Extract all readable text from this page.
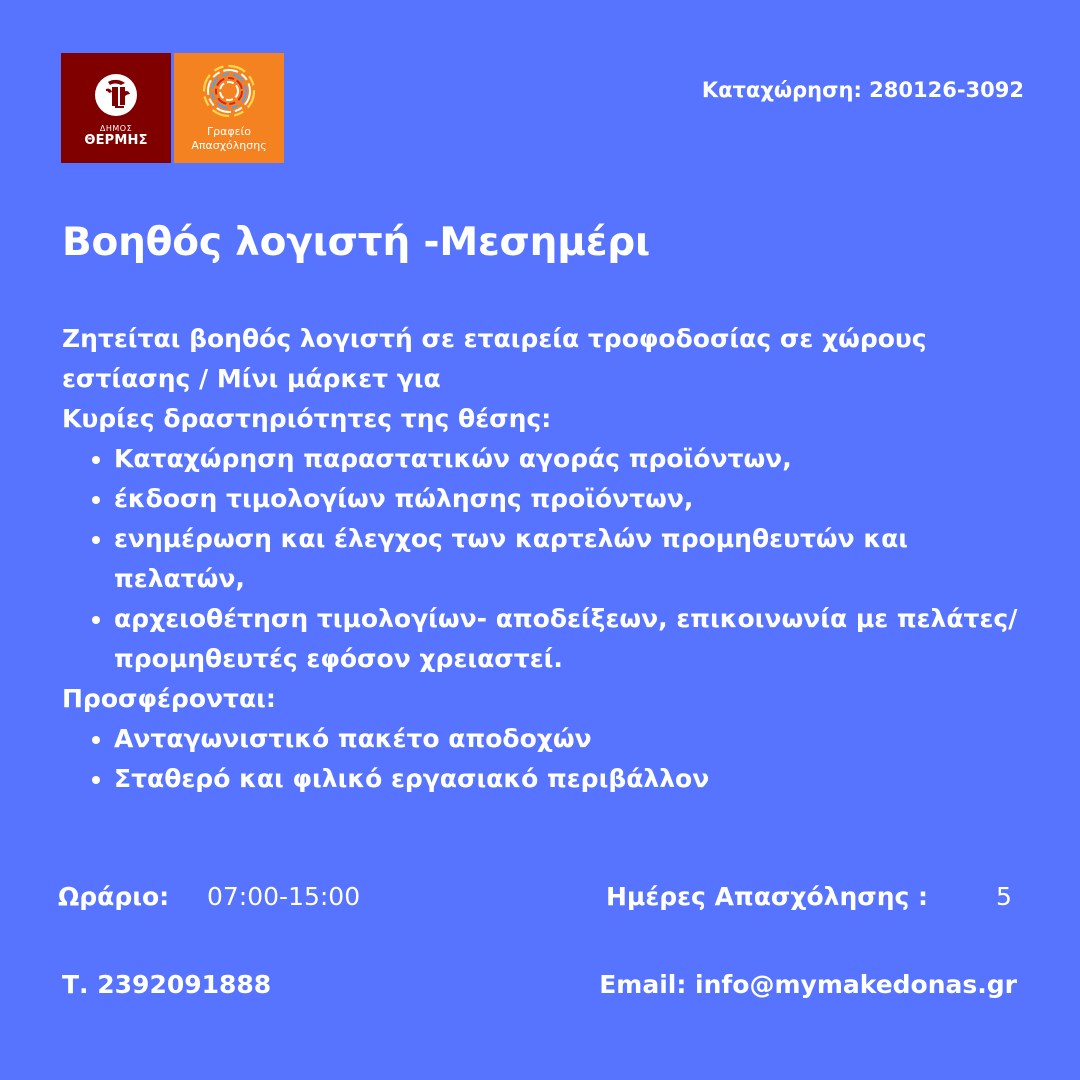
ΔΗΜΟΣ
ΘΕΡΜΗΣ
Γραφείο
Απασχόλησης
Καταχώρηση: 280126-3092
Βοηθός λογιστή -Μεσημέρι

Ζητείται βοηθός λογιστή σε εταιρεία τροφοδοσίας σε χώρους εστίασης / Μίνι μάρκετ για

Κυρίες δραστηριότητες της θέσης:

• Καταχώρηση παραστατικών αγοράς προϊόντων,
• έκδοση τιμολογίων πώλησης προϊόντων,
• ενημέρωση και έλεγχος των καρτελών προμηθευτών και πελατών,
• αρχειοθέτηση τιμολογίων- αποδείξεων, επικοινωνία με πελάτες/προμηθευτές εφόσον χρειαστεί.

Προσφέρονται:

• Ανταγωνιστικό πακέτο αποδοχών
• Σταθερό και φιλικό εργασιακό περιβάλλον
Ωράριο: 07:00-15:00	Ημέρες Απασχόλησης :	5
Τ. 2392091888	Email: info@mymakedonas.gr
